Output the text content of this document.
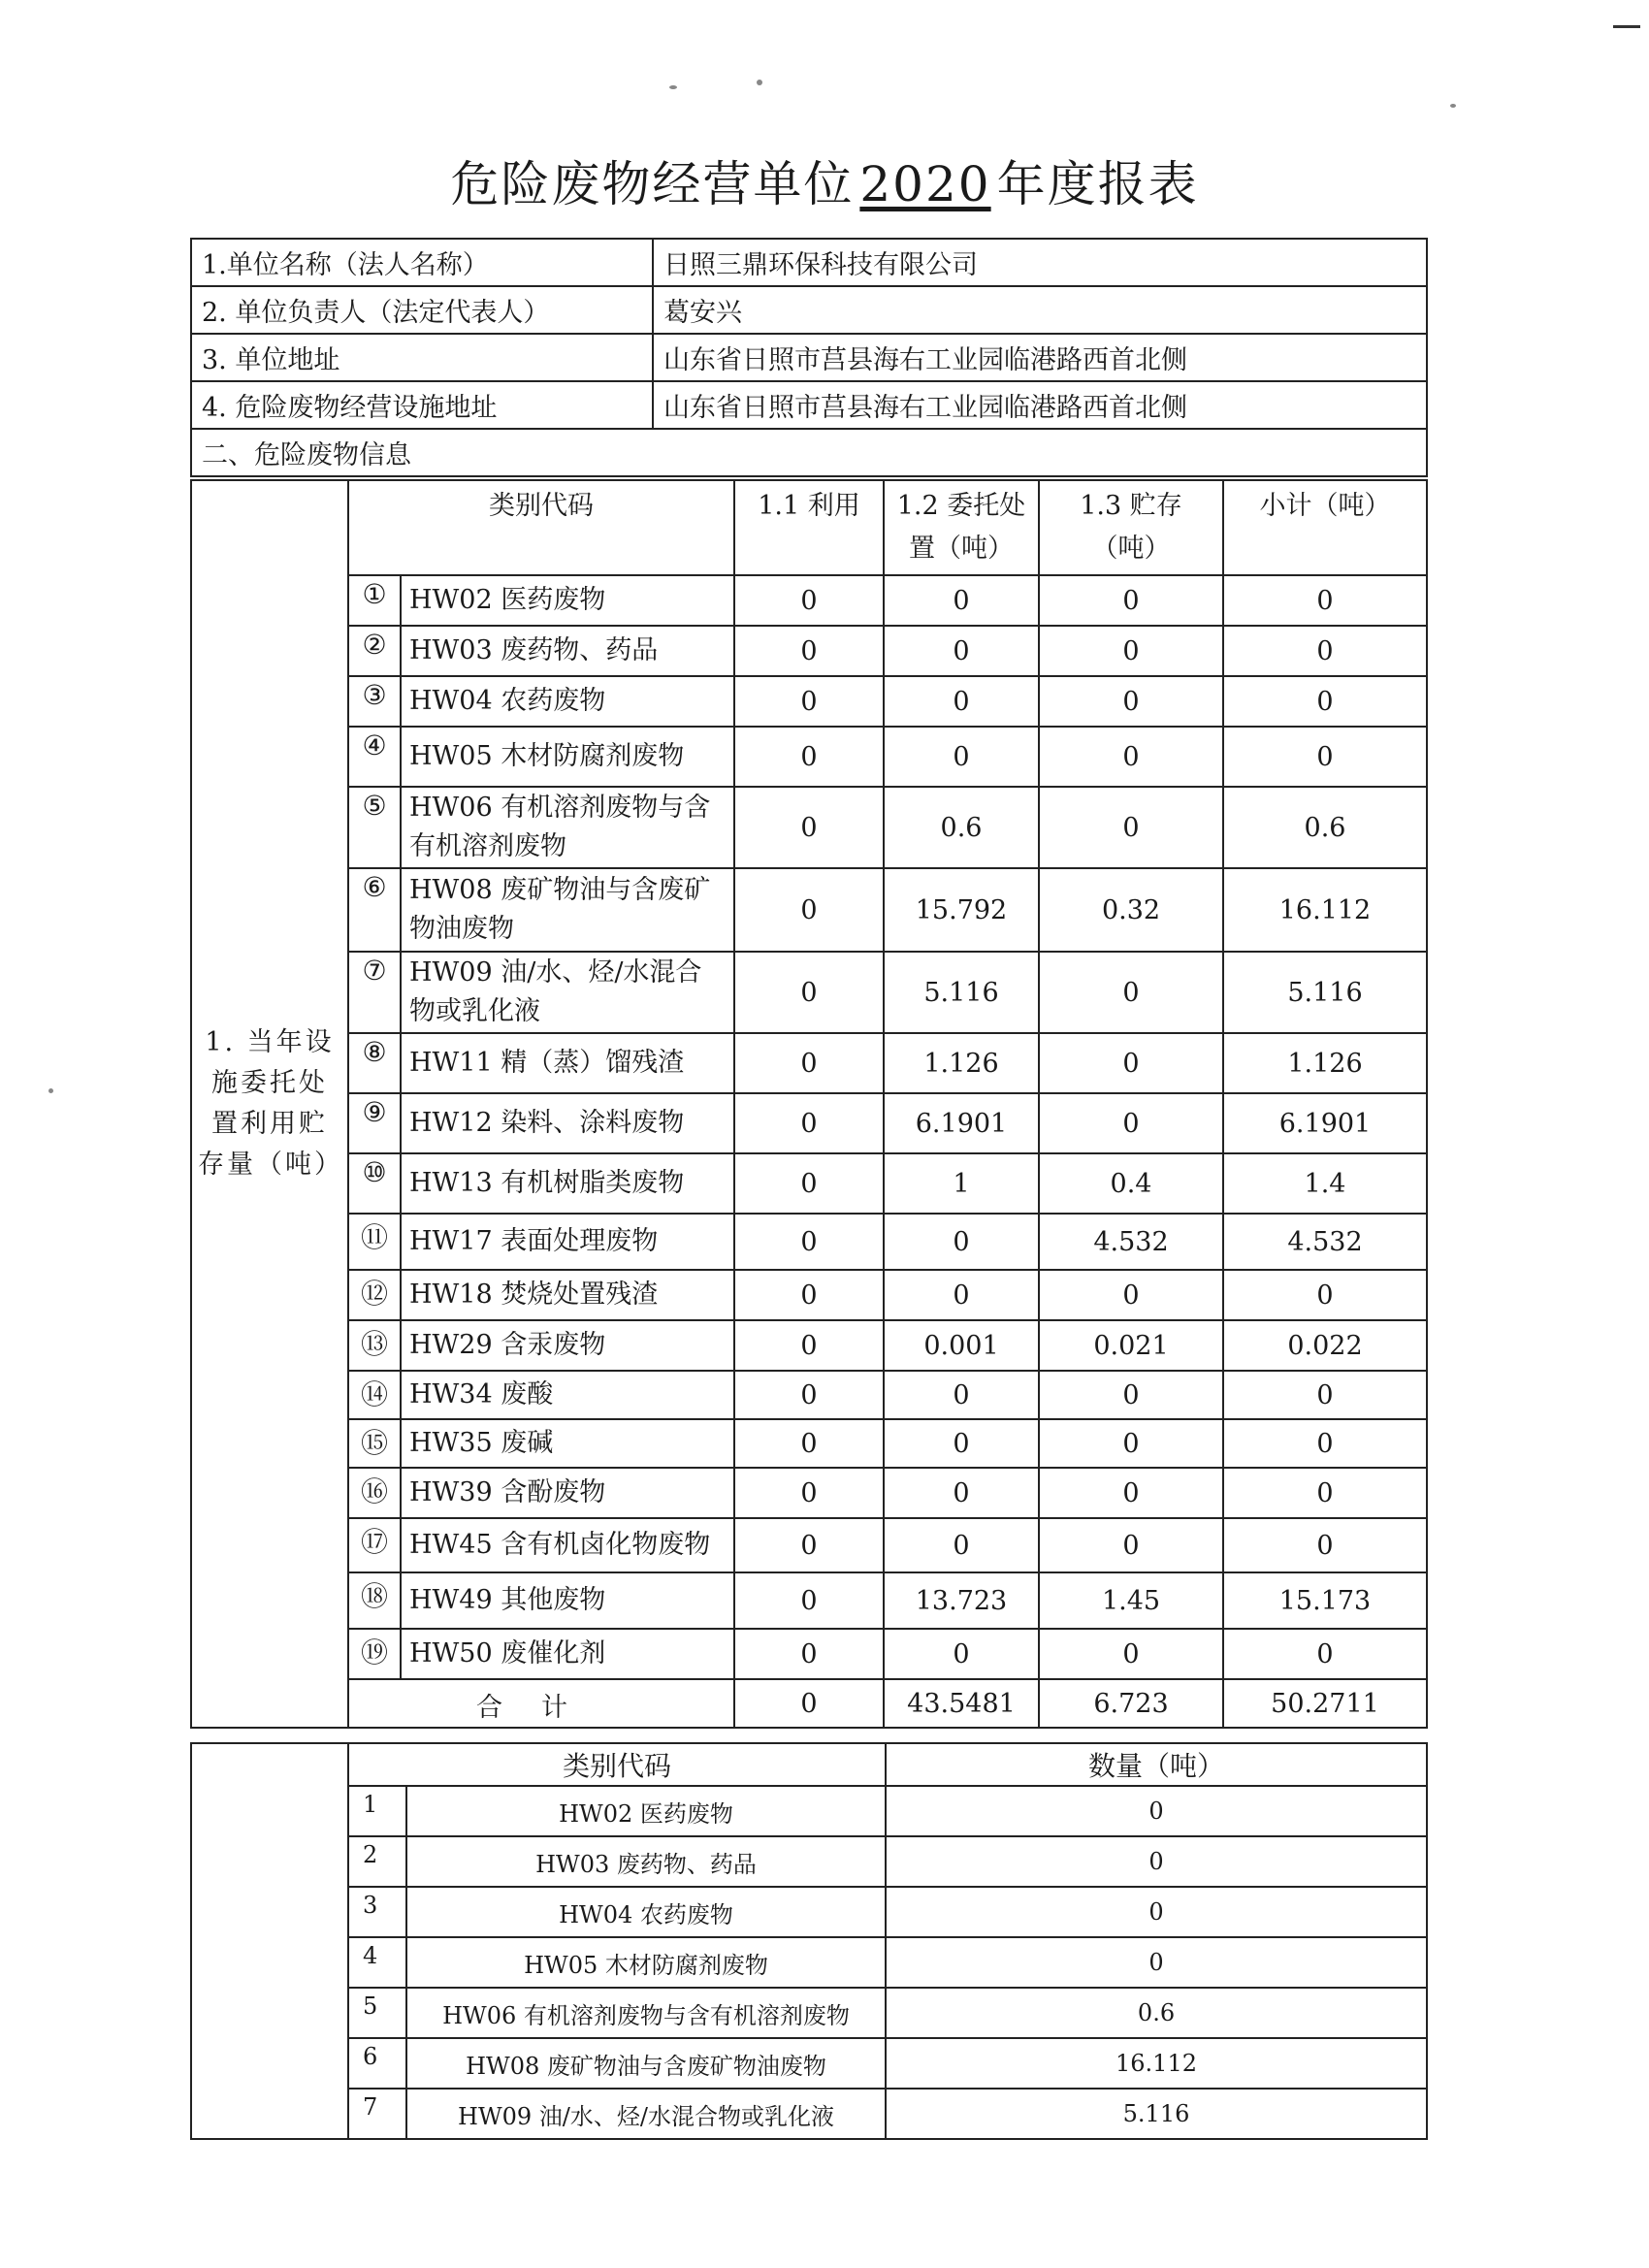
危险废物经营单位 2020 年度报表
1.单位名称（法人名称）	日照三鼎环保科技有限公司
2. 单位负责人（法定代表人）	葛安兴
3. 单位地址	山东省日照市莒县海右工业园临港路西首北侧
4. 危险废物经营设施地址	山东省日照市莒县海右工业园临港路西首北侧
二、危险废物信息	
1. 当年设施委托处置利用贮存量（吨）	类别代码		1.1 利用	1.2 委托处置（吨）	1.3 贮存（吨）	小计（吨）
	①	HW02 医药废物	0	0	0	0
	②	HW03 废药物、药品	0	0	0	0
	③	HW04 农药废物	0	0	0	0
	④	HW05 木材防腐剂废物	0	0	0	0
	⑤	HW06 有机溶剂废物与含有机溶剂废物	0	0.6	0	0.6
	⑥	HW08 废矿物油与含废矿物油废物	0	15.792	0.32	16.112
	⑦	HW09 油/水、烃/水混合物或乳化液	0	5.116	0	5.116
	⑧	HW11 精（蒸）馏残渣	0	1.126	0	1.126
	⑨	HW12 染料、涂料废物	0	6.1901	0	6.1901
	⑩	HW13 有机树脂类废物	0	1	0.4	1.4
	⑪	HW17 表面处理废物	0	0	4.532	4.532
	⑫	HW18 焚烧处置残渣	0	0	0	0
	⑬	HW29 含汞废物	0	0.001	0.021	0.022
	⑭	HW34 废酸	0	0	0	0
	⑮	HW35 废碱	0	0	0	0
	⑯	HW39 含酚废物	0	0	0	0
	⑰	HW45 含有机卤化物废物	0	0	0	0
	⑱	HW49 其他废物	0	13.723	1.45	15.173
	⑲	HW50 废催化剂	0	0	0	0
	合计		0	43.5481	6.723	50.2711
	类别代码		数量（吨）
	1	HW02 医药废物	0
	2	HW03 废药物、药品	0
	3	HW04 农药废物	0
	4	HW05 木材防腐剂废物	0
	5	HW06 有机溶剂废物与含有机溶剂废物	0.6
	6	HW08 废矿物油与含废矿物油废物	16.112
	7	HW09 油/水、烃/水混合物或乳化液	5.116
